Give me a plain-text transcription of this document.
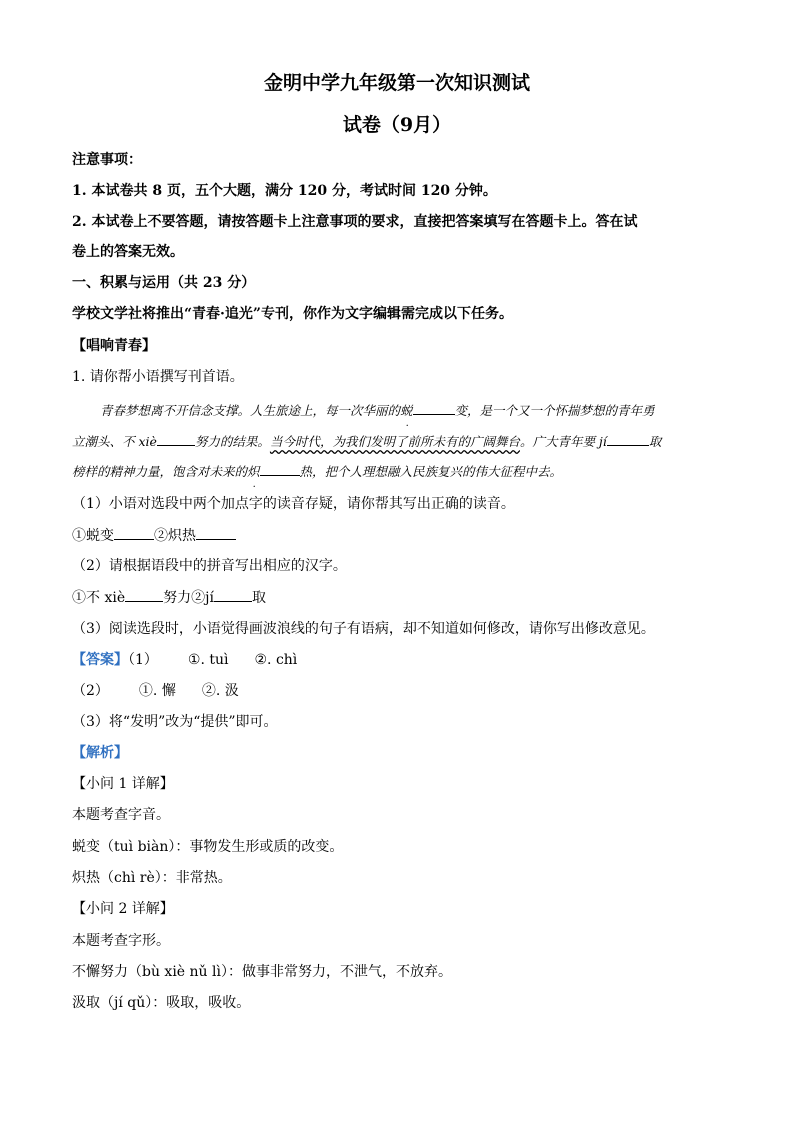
金明中学九年级第一次知识测试
试卷（9月）
注意事项：
1. 本试卷共 8 页，五个大题，满分 120 分，考试时间 120 分钟。
2. 本试卷上不要答题，请按答题卡上注意事项的要求，直接把答案填写在答题卡上。答在试
卷上的答案无效。
一、积累与运用（共 23 分）
学校文学社将推出“青春·追光”专刊，你作为文字编辑需完成以下任务。
【唱响青春】
1. 请你帮小语撰写刊首语。
青春梦想离不开信念支撑。人生旅途上，每一次华丽的蜕	变，是一个又一个怀揣梦想的青年勇
立潮头、不 xiè	努力的结果。当今时代，为我们发明了前所未有的广阔舞台。广大青年要 jí	取
榜样的精神力量，饱含对未来的炽	热，把个人理想融入民族复兴的伟大征程中去。
（1）小语对选段中两个加点字的读音存疑，请你帮其写出正确的读音。
①蜕变	②炽热
（2）请根据语段中的拼音写出相应的汉字。
①不 xiè	努力②jí	取
（3）阅读选段时，小语觉得画波浪线的句子有语病，却不知道如何修改，请你写出修改意见。
【答案】（1） ①. tuì ②. chì
（2） ①. 懈 ②. 汲
（3）将“发明”改为“提供”即可。
【解析】
【小问 1 详解】
本题考查字音。
蜕变（tuì biàn）：事物发生形或质的改变。
炽热（chì rè）：非常热。
【小问 2 详解】
本题考查字形。
不懈努力（bù xiè nǔ lì）：做事非常努力，不泄气，不放弃。
汲取（jí qǔ）：吸取，吸收。
